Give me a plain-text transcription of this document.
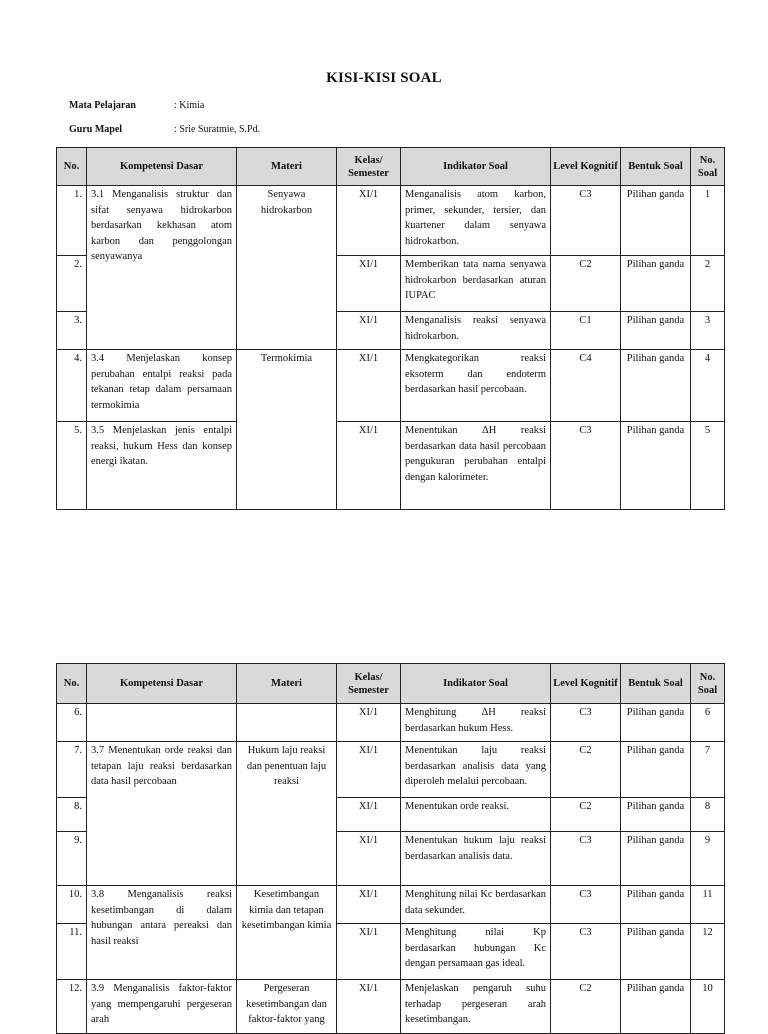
KISI-KISI SOAL
Mata Pelajaran	: Kimia
Guru Mapel	: Srie Suratmie, S.Pd.
No.	Kompetensi Dasar	Materi	Kelas/ Semester	Indikator Soal	Level Kognitif	Bentuk Soal	No. Soal
1.	3.1 Menganalisis struktur dan sifat senyawa hidrokarbon berdasarkan kekhasan atom karbon dan penggolongan senyawanya	Senyawa hidrokarbon	XI/1	Menganalisis atom karbon, primer, sekunder, tersier, dan kuartener dalam senyawa hidrokarbon.	C3	Pilihan ganda	1
2.			XI/1	Memberikan tata nama senyawa hidrokarbon berdasarkan aturan IUPAC	C2	Pilihan ganda	2
3.			XI/1	Menganalisis reaksi senyawa hidrokarbon.	C1	Pilihan ganda	3
4.	3.4 Menjelaskan konsep perubahan entalpi reaksi pada tekanan tetap dalam persamaan termokimia	Termokimia	XI/1	Mengkategorikan reaksi eksoterm dan endoterm berdasarkan hasil percobaan.	C4	Pilihan ganda	4
5.	3.5 Menjelaskan jenis entalpi reaksi, hukum Hess dan konsep energi ikatan.		XI/1	Menentukan ΔH reaksi berdasarkan data hasil percobaan pengukuran perubahan entalpi dengan kalorimeter.	C3	Pilihan ganda	5
No.	Kompetensi Dasar	Materi	Kelas/ Semester	Indikator Soal	Level Kognitif	Bentuk Soal	No. Soal
6.			XI/1	Menghitung ΔH reaksi berdasarkan hukum Hess.	C3	Pilihan ganda	6
7.	3.7 Menentukan orde reaksi dan tetapan laju reaksi berdasarkan data hasil percobaan	Hukum laju reaksi dan penentuan laju reaksi	XI/1	Menentukan laju reaksi berdasarkan analisis data yang diperoleh melalui percobaan.	C2	Pilihan ganda	7
8.			XI/1	Menentukan orde reaksi.	C2	Pilihan ganda	8
9.			XI/1	Menentukan hukum laju reaksi berdasarkan analisis data.	C3	Pilihan ganda	9
10.	3.8 Menganalisis reaksi kesetimbangan di dalam hubungan antara pereaksi dan hasil reaksi	Kesetimbangan kimia dan tetapan kesetimbangan kimia	XI/1	Menghitung nilai Kc berdasarkan data sekunder.	C3	Pilihan ganda	11
11.			XI/1	Menghitung nilai Kp berdasarkan hubungan Kc dengan persamaan gas ideal.	C3	Pilihan ganda	12
12.	3.9 Menganalisis faktor-faktor yang mempengaruhi pergeseran arah	Pergeseran kesetimbangan dan faktor-faktor yang	XI/1	Menjelaskan pengaruh suhu terhadap pergeseran arah kesetimbangan.	C2	Pilihan ganda	10
